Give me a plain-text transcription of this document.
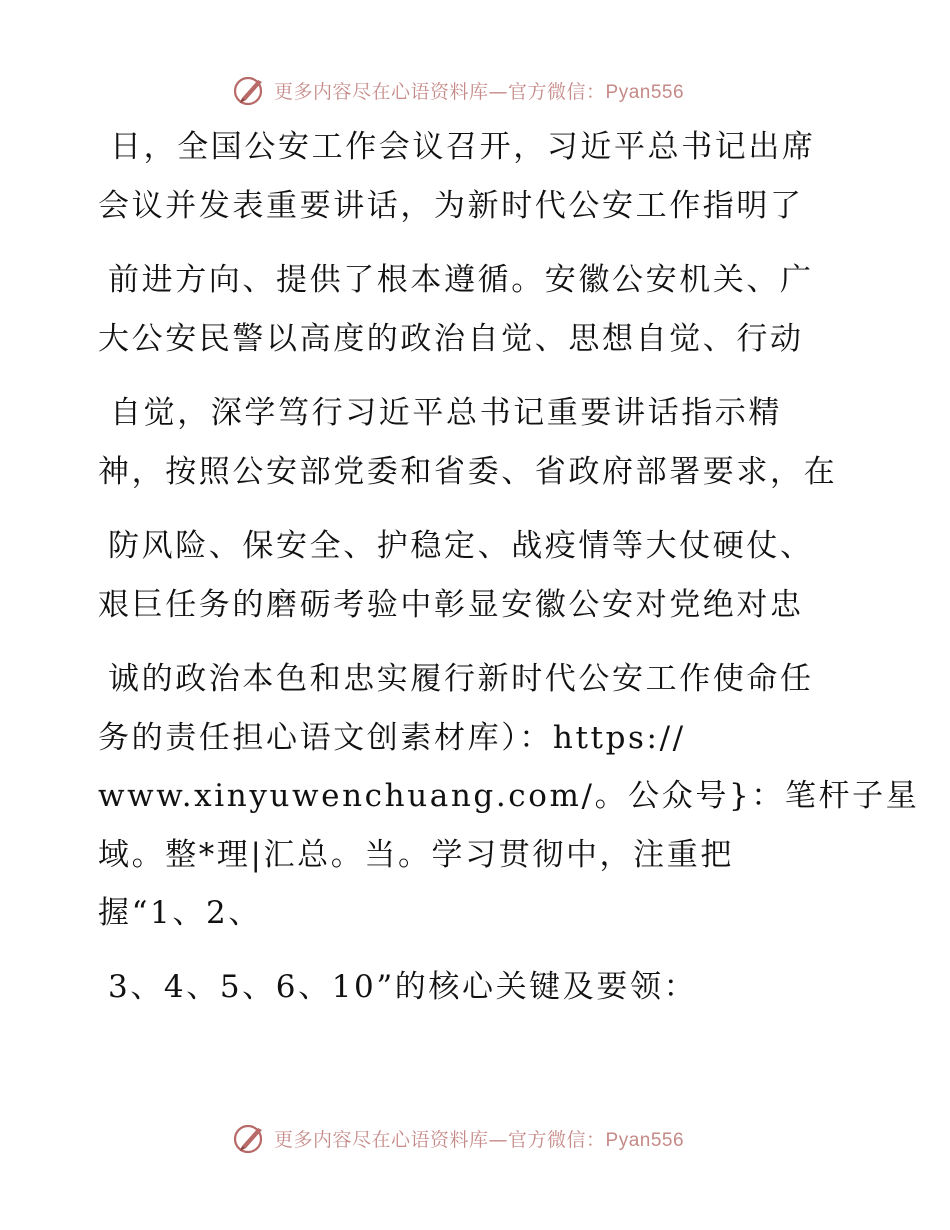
更多内容尽在心语资料库—官方微信：Pyan556
日，全国公安工作会议召开，习近平总书记出席
会议并发表重要讲话，为新时代公安工作指明了
前进方向、提供了根本遵循。安徽公安机关、广
大公安民警以高度的政治自觉、思想自觉、行动
自觉，深学笃行习近平总书记重要讲话指示精
神，按照公安部党委和省委、省政府部署要求，在
防风险、保安全、护稳定、战疫情等大仗硬仗、
艰巨任务的磨砺考验中彰显安徽公安对党绝对忠
诚的政治本色和忠实履行新时代公安工作使命任
务的责任担心语文创素材库）：https://
www.xinyuwenchuang.com/。公众号}：笔杆子星
域。整*理|汇总。当。学习贯彻中，注重把
握“1、2、
3、4、5、6、10”的核心关键及要领：
更多内容尽在心语资料库—官方微信：Pyan556
